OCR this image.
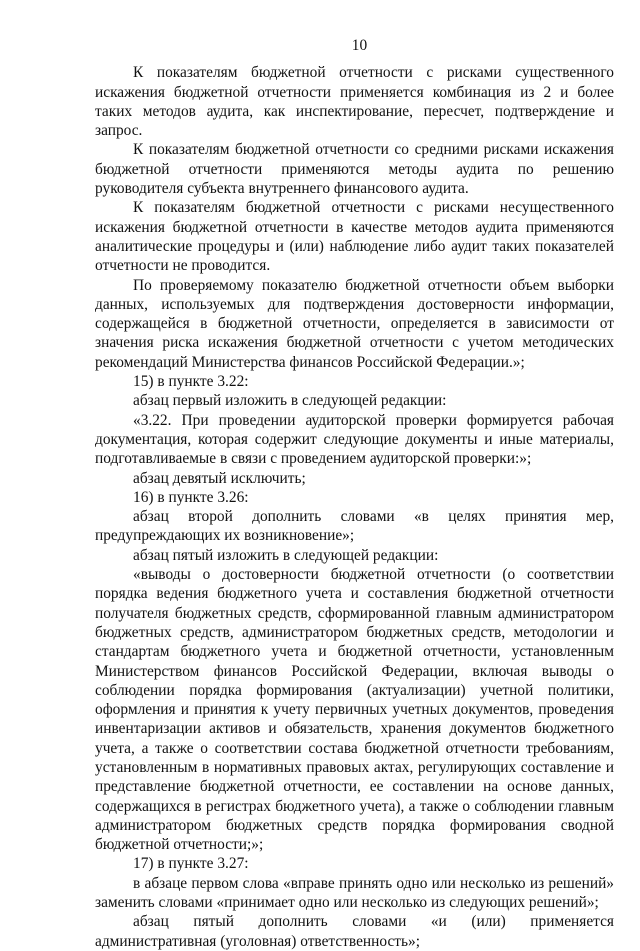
10

К показателям бюджетной отчетности с рисками существенного искажения бюджетной отчетности применяется комбинация из 2 и более таких методов аудита, как инспектирование, пересчет, подтверждение и запрос.

К показателям бюджетной отчетности со средними рисками искажения бюджетной отчетности применяются методы аудита по решению руководителя субъекта внутреннего финансового аудита.

К показателям бюджетной отчетности с рисками несущественного искажения бюджетной отчетности в качестве методов аудита применяются аналитические процедуры и (или) наблюдение либо аудит таких показателей отчетности не проводится.

По проверяемому показателю бюджетной отчетности объем выборки данных, используемых для подтверждения достоверности информации, содержащейся в бюджетной отчетности, определяется в зависимости от значения риска искажения бюджетной отчетности с учетом методических рекомендаций Министерства финансов Российской Федерации.»;

15) в пункте 3.22:

абзац первый изложить в следующей редакции:

«3.22. При проведении аудиторской проверки формируется рабочая документация, которая содержит следующие документы и иные материалы, подготавливаемые в связи с проведением аудиторской проверки:»;

абзац девятый исключить;

16) в пункте 3.26:

абзац второй дополнить словами «в целях принятия мер, предупреждающих их возникновение»;

абзац пятый изложить в следующей редакции:

«выводы о достоверности бюджетной отчетности (о соответствии порядка ведения бюджетного учета и составления бюджетной отчетности получателя бюджетных средств, сформированной главным администратором бюджетных средств, администратором бюджетных средств, методологии и стандартам бюджетного учета и бюджетной отчетности, установленным Министерством финансов Российской Федерации, включая выводы о соблюдении порядка формирования (актуализации) учетной политики, оформления и принятия к учету первичных учетных документов, проведения инвентаризации активов и обязательств, хранения документов бюджетного учета, а также о соответствии состава бюджетной отчетности требованиям, установленным в нормативных правовых актах, регулирующих составление и представление бюджетной отчетности, ее составлении на основе данных, содержащихся в регистрах бюджетного учета), а также о соблюдении главным администратором бюджетных средств порядка формирования сводной бюджетной отчетности;»;

17) в пункте 3.27:

в абзаце первом слова «вправе принять одно или несколько из решений» заменить словами «принимает одно или несколько из следующих решений»;

абзац пятый дополнить словами «и (или) применяется административная (уголовная) ответственность»;
